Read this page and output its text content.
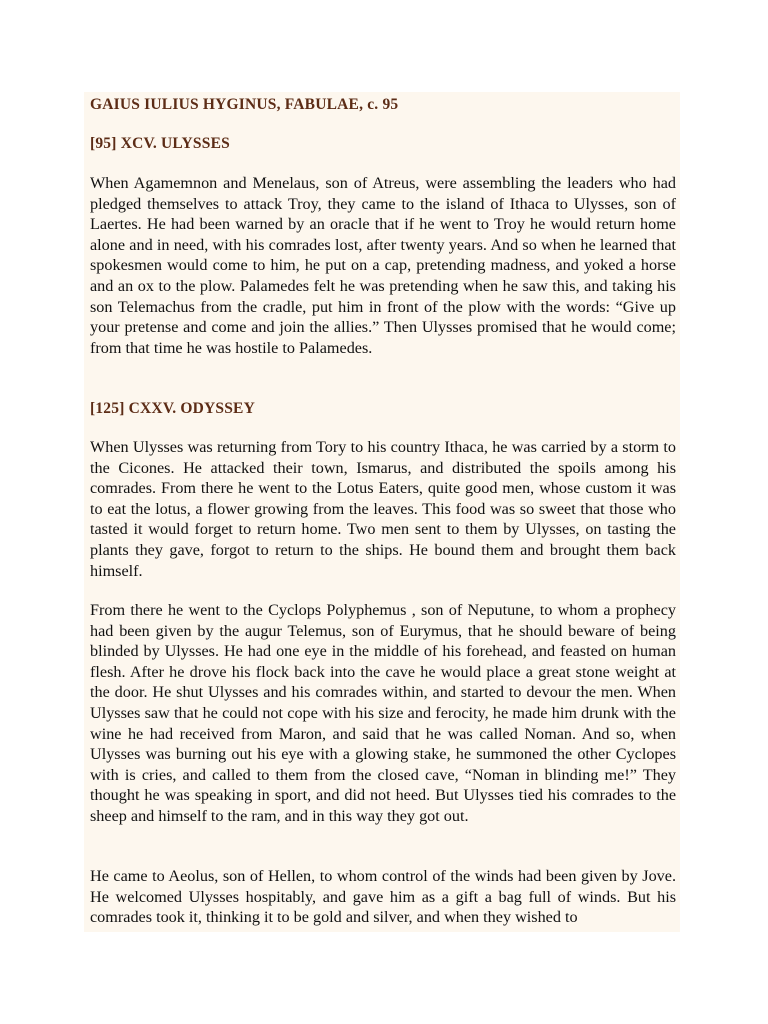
GAIUS IULIUS HYGINUS, FABULAE, c. 95
[95] XCV. ULYSSES

When Agamemnon and Menelaus, son of Atreus, were assembling the leaders who had pledged themselves to attack Troy, they came to the island of Ithaca to Ulysses, son of Laertes. He had been warned by an oracle that if he went to Troy he would return home alone and in need, with his comrades lost, after twenty years. And so when he learned that spokesmen would come to him, he put on a cap, pretending madness, and yoked a horse and an ox to the plow. Palamedes felt he was pretending when he saw this, and taking his son Telemachus from the cradle, put him in front of the plow with the words: “Give up your pretense and come and join the allies.” Then Ulysses promised that he would come; from that time he was hostile to Palamedes.

[125] CXXV. ODYSSEY

When Ulysses was returning from Tory to his country Ithaca, he was carried by a storm to the Cicones. He attacked their town, Ismarus, and distributed the spoils among his comrades. From there he went to the Lotus Eaters, quite good men, whose custom it was to eat the lotus, a flower growing from the leaves. This food was so sweet that those who tasted it would forget to return home. Two men sent to them by Ulysses, on tasting the plants they gave, forgot to return to the ships. He bound them and brought them back himself.

From there he went to the Cyclops Polyphemus , son of Neputune, to whom a prophecy had been given by the augur Telemus, son of Eurymus, that he should beware of being blinded by Ulysses. He had one eye in the middle of his forehead, and feasted on human flesh. After he drove his flock back into the cave he would place a great stone weight at the door. He shut Ulysses and his comrades within, and started to devour the men. When Ulysses saw that he could not cope with his size and ferocity, he made him drunk with the wine he had received from Maron, and said that he was called Noman. And so, when Ulysses was burning out his eye with a glowing stake, he summoned the other Cyclopes with is cries, and called to them from the closed cave, “Noman in blinding me!” They thought he was speaking in sport, and did not heed. But Ulysses tied his comrades to the sheep and himself to the ram, and in this way they got out.

He came to Aeolus, son of Hellen, to whom control of the winds had been given by Jove. He welcomed Ulysses hospitably, and gave him as a gift a bag full of winds. But his comrades took it, thinking it to be gold and silver, and when they wished to
